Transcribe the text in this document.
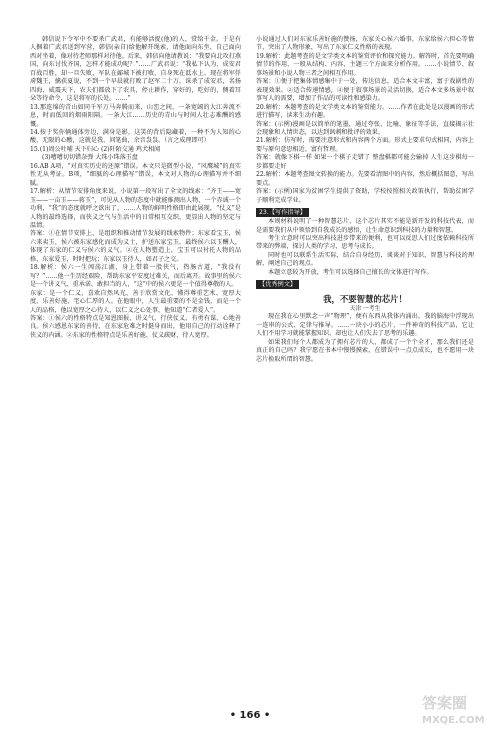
韩信说下令军中不要杀广武君，有能够活捉(他)的人，赏给千金。于是有人捆着广武君送到军营，韩信(亲自)给他解开绳索，请他面向东坐，自己面向西对坐着，像对待老师那样对待他。后来，韩信向他请教说：“我要向北攻打燕国，向东讨伐齐国，怎样才能成功呢？”……广武君说：“我私下认为，成安君百战百胜，却一旦失败，军队在鄗城下被打败，自身死在泜水上。现在将军俘虏魏王，擒获夏说，不到一个早晨就打败了赵军二十万，诛杀了成安君，名扬四海，威震天下，农夫们都放下了农具，停止耕作，穿好的，吃好的，侧着耳朵等待命令，这是将军的长处。……”

13.那连绵的青山如同千军万马奔腾而来，山峦之间，一条宽阔的大江奔流不息，时而低回的烟雨阳隔。一条大江……历史的青山与时间人壮志难酬的感慨。

14.按于奖你俩通体旁边，满身是影，这笑的背后隐藏着，一种不为人知的心酸，无限的心酸，这就是我，问笔曲，余音袅袅。（言之成理即可）

15.(1)周公吐哺 天下归心 (2)阡陌交通 鸡犬相闻

(3)嘈嘈切切错杂弹 大珠小珠落玉盘

16.AB A项，“对真实历史的还原”错误。本文只是微型小说，“风鹰城”的真实性无从考证。B项，“细腻的心理描写”错误，本文对人物的心理描写并不细腻。

17.解析：从情节安排角度来说，小说第一段写出了全文的线索：“齐王——宽玉——一亩玉——蒋玉”，可见从人物的态度中就能推测出人物，一个赤诚一个功利，“我”的态度就呼之欲出了。……人物的鲜明性格即由此展现，“仗义”是人物的最终选择，而侠义之气与生活中的日常相互交织，更显出人物的坚定与温情。

答案：①在情节安排上，是组织和推动情节发展的线索物件；东家看宝玉，侯六来卖玉，侯六被东家感化而成为义士，护送东家宝玉，最终侯六以玉酬人，体现了东家的仁义与侯六的义气。②在人物塑造上，宝玉可以衬托人物的品格，东家爱玉，时时把玩；东家以玉待人，如君子之交。

18.解析：侯六一生闯荡江湖，身上带着一股侠气，热肠古道，“我没有写？”……他一生历经艰险，帮助东家平安度过难关，而后离开。故事里的侯六是一个讲义气、重承诺、敢担当的人，“这”中的侯六更是一个值得尊敬的人。

东家：是一个仁义、喜欢自然风光、善于欣赏文化、懂得尊重艺术、宽厚大度、乐善好施、宅心仁厚的人。在他眼中，人生最重要的不是金钱，而是一个人的品格，他以宽厚之心待人，以仁义之心处事，他知道“仁者爱人”。

答案：①侯六的性格特点是知恩图报、讲义气、行侠仗义、有勇有谋、心地善良。侯六感恩东家的善待，在东家危难之时挺身而出，他用自己的行动诠释了侠义的内涵。②东家的性格特点是乐善好施、仗义疏财、待人宽厚。

小说通过人们对东家乐善好施的赞扬，东家关心侯六婚事，东家给侯六担心等情节，突出了人物形象，写出了东家仁义性格的表现。

19.解析：此题考查的是文学类文本的鉴赏评价和探究能力。解答时，首先要明确情节的作用，一般从结构、内容、主题三个方面来分析作用。……小说情节、叙事场景和小说人物三者之间相互作用。

答案：①便于把集体情感集中于一处，传达信息，适合本文丰富，富于戏剧性的表现效果。②适合传递情感，④便于叙事场景的灵活切换，适合本文多场景中叙事写人的需要，增加了作品的可读性和感染力。

20.解析：本题考查的是文学类文本的鉴赏能力。……作者在此处是以漫画的形式进行描写，读来生动有趣。

答案：(示例)漫画是以简单的笔墨，通过夸张、比喻、象征等手法，直接揭示社会现象和人情世态，以达到讽刺和批评的效果。

21.解析：仿写时，需要注意形式和内容两个方面。形式上要求句式相同，内容上要与原句意思相近、富有哲理。

答案：就像下棋一样 如果一个棋子走错了 整盘棋都可能会输掉 人生这步棋每一步都要走好

22.解析：本题考查图文转换的能力。先要看清图中的内容，然后概括图意，写出要点。

答案：(示例)国家为贫困学生提供了资助，学校按照相关政策执行，帮助贫困学子顺利完成学业。

23.【写作指导】

本则材料说明了一种智慧芯片，这个芯片其实不能是新开发的科技代表，而是需要我们从中领悟到自我成长的感悟，让生命意识到科技的力量和智慧。

考生立意时可以突出科技进步带来的便利，也可以反思人们过度依赖科技所带来的弊端，探讨人类的学习、思考与成长。

同时也可以联系生活实际，结合自身经历，谈谈对于知识、智慧与科技的理解，阐述自己的观点。

本题立意较为开放，考生可以选择自己擅长的文体进行写作。

【优秀例文】
我，不要智慧的芯片！
天津 一考生

现在我在心里默念一声“物理”，便有东西从我体内涌出，我的脑海中浮现出一连串的公式、定律与推导。……一块小小的芯片，一件神奇的科技产品，它让人们不用学习就能掌握知识，却也让人们失去了思考的乐趣。

如果我们每个人都成为了拥有芯片的人，都成了一个个全才，那么我们还是真正的自己吗？我宁愿在书本中慢慢摸索，在错误中一点点成长，也不愿用一块芯片换取所谓的智慧。

• 166 •
答案圈
MXQE.COM
